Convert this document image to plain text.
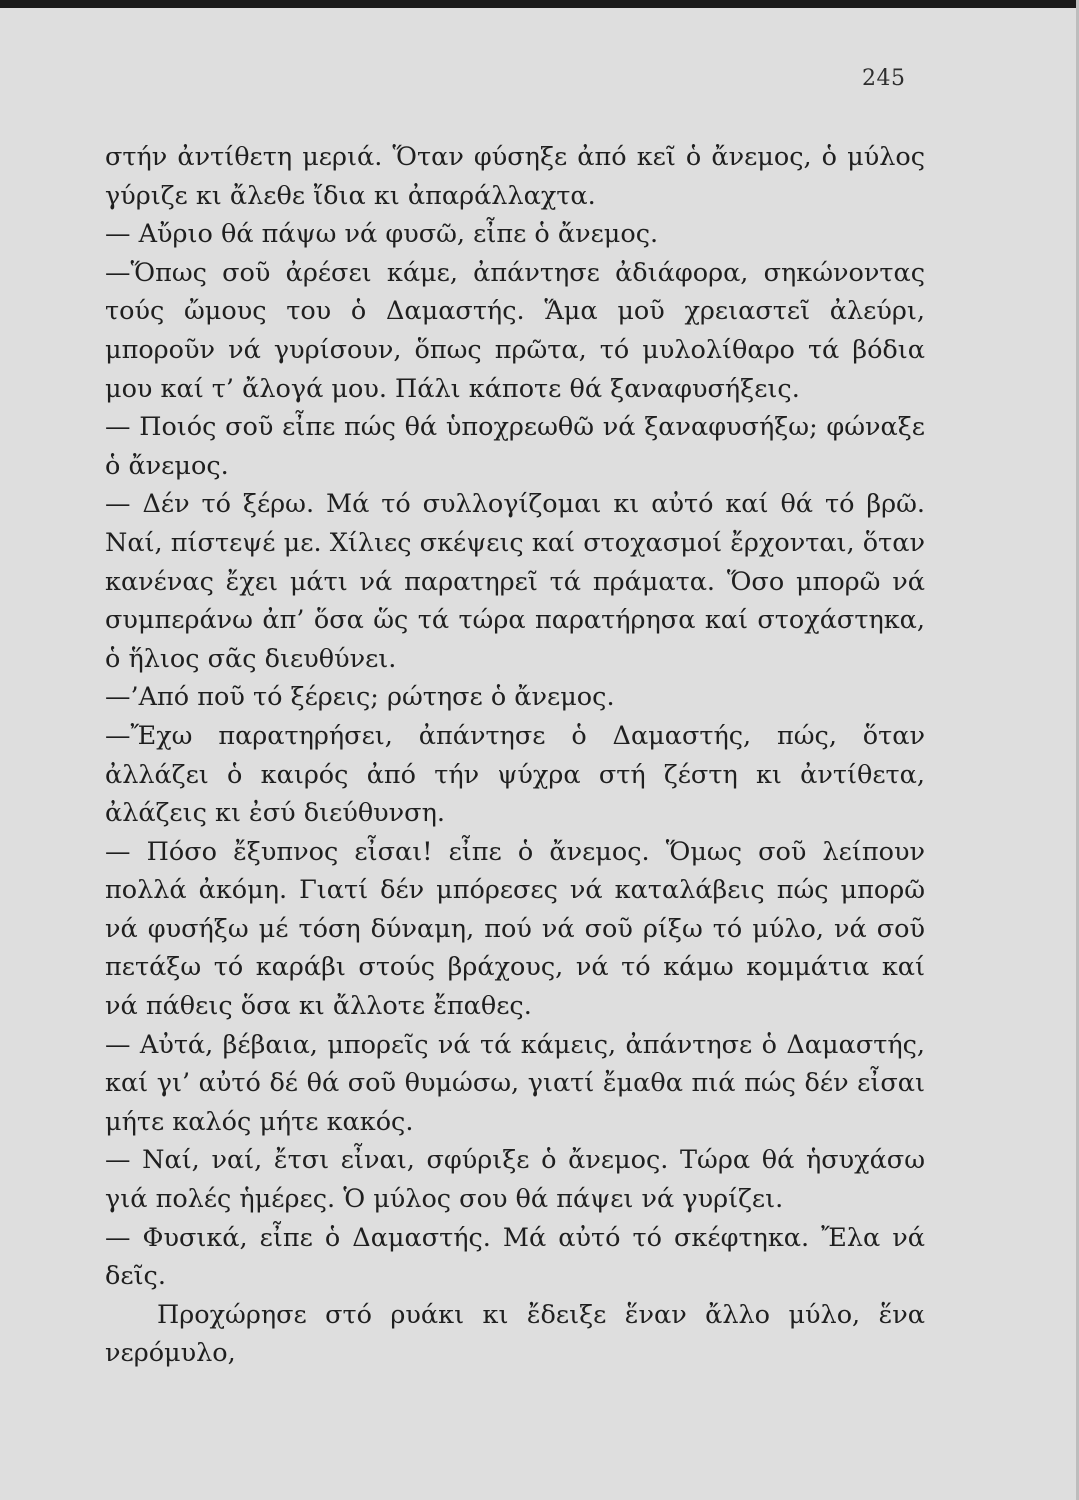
245

στήν ἀντίθετη μεριά. Ὅταν φύσηξε ἀπό κεῖ ὁ ἄνεμος, ὁ μύλος γύριζε κι ἄλεθε ἴδια κι ἀπαράλλαχτα.

— Αὔριο θά πάψω νά φυσῶ, εἶπε ὁ ἄνεμος.

—Ὅπως σοῦ ἀρέσει κάμε, ἀπάντησε ἀδιάφορα, σηκώνοντας τούς ὤμους του ὁ Δαμαστής. Ἅμα μοῦ χρειαστεῖ ἀλεύρι, μποροῦν νά γυρίσουν, ὅπως πρῶτα, τό μυλολίθαρο τά βόδια μου καί τ’ ἄλογά μου. Πάλι κάποτε θά ξαναφυσήξεις.

— Ποιός σοῦ εἶπε πώς θά ὑποχρεωθῶ νά ξαναφυσήξω; φώναξε ὁ ἄνεμος.

— Δέν τό ξέρω. Μά τό συλλογίζομαι κι αὐτό καί θά τό βρῶ. Ναί, πίστεψέ με. Χίλιες σκέψεις καί στοχασμοί ἔρχονται, ὅταν κανένας ἔχει μάτι νά παρατηρεῖ τά πράματα. Ὅσο μπορῶ νά συμπεράνω ἀπ’ ὅσα ὥς τά τώρα παρατήρησα καί στοχάστηκα, ὁ ἥλιος σᾶς διευθύνει.

—’Από ποῦ τό ξέρεις; ρώτησε ὁ ἄνεμος.

—Ἔχω παρατηρήσει, ἀπάντησε ὁ Δαμαστής, πώς, ὅταν ἀλλάζει ὁ καιρός ἀπό τήν ψύχρα στή ζέστη κι ἀντίθετα, ἀλάζεις κι ἐσύ διεύθυνση.

— Πόσο ἔξυπνος εἶσαι! εἶπε ὁ ἄνεμος. Ὅμως σοῦ λείπουν πολλά ἀκόμη. Γιατί δέν μπόρεσες νά καταλάβεις πώς μπορῶ νά φυσήξω μέ τόση δύναμη, πού νά σοῦ ρίξω τό μύλο, νά σοῦ πετάξω τό καράβι στούς βράχους, νά τό κάμω κομμάτια καί νά πάθεις ὅσα κι ἄλλοτε ἔπαθες.

— Αὐτά, βέβαια, μπορεῖς νά τά κάμεις, ἀπάντησε ὁ Δαμαστής, καί γι’ αὐτό δέ θά σοῦ θυμώσω, γιατί ἔμαθα πιά πώς δέν εἶσαι μήτε καλός μήτε κακός.

— Ναί, ναί, ἔτσι εἶναι, σφύριξε ὁ ἄνεμος. Τώρα θά ἡσυχάσω γιά πολές ἡμέρες. Ὁ μύλος σου θά πάψει νά γυρίζει.

— Φυσικά, εἶπε ὁ Δαμαστής. Μά αὐτό τό σκέφτηκα. Ἔλα νά δεῖς.

Προχώρησε στό ρυάκι κι ἔδειξε ἕναν ἄλλο μύλο, ἕνα νερόμυλο,
